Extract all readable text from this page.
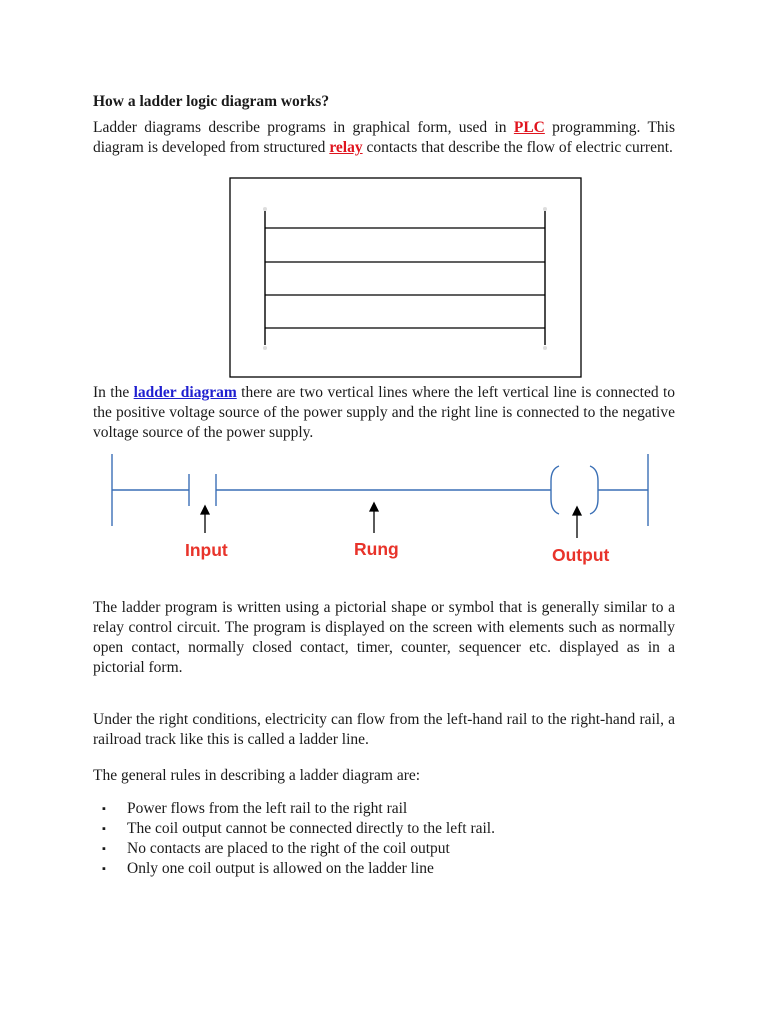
How a ladder logic diagram works?
Ladder diagrams describe programs in graphical form, used in PLC programming. This diagram is developed from structured relay contacts that describe the flow of electric current.
In the ladder diagram there are two vertical lines where the left vertical line is connected to the positive voltage source of the power supply and the right line is connected to the negative voltage source of the power supply.
Input	Rung	Output
The ladder program is written using a pictorial shape or symbol that is generally similar to a relay control circuit. The program is displayed on the screen with elements such as normally open contact, normally closed contact, timer, counter, sequencer etc. displayed as in a pictorial form.
Under the right conditions, electricity can flow from the left-hand rail to the right-hand rail, a railroad track like this is called a ladder line.
The general rules in describing a ladder diagram are:
▪ Power flows from the left rail to the right rail
▪ The coil output cannot be connected directly to the left rail.
▪ No contacts are placed to the right of the coil output
▪ Only one coil output is allowed on the ladder line
